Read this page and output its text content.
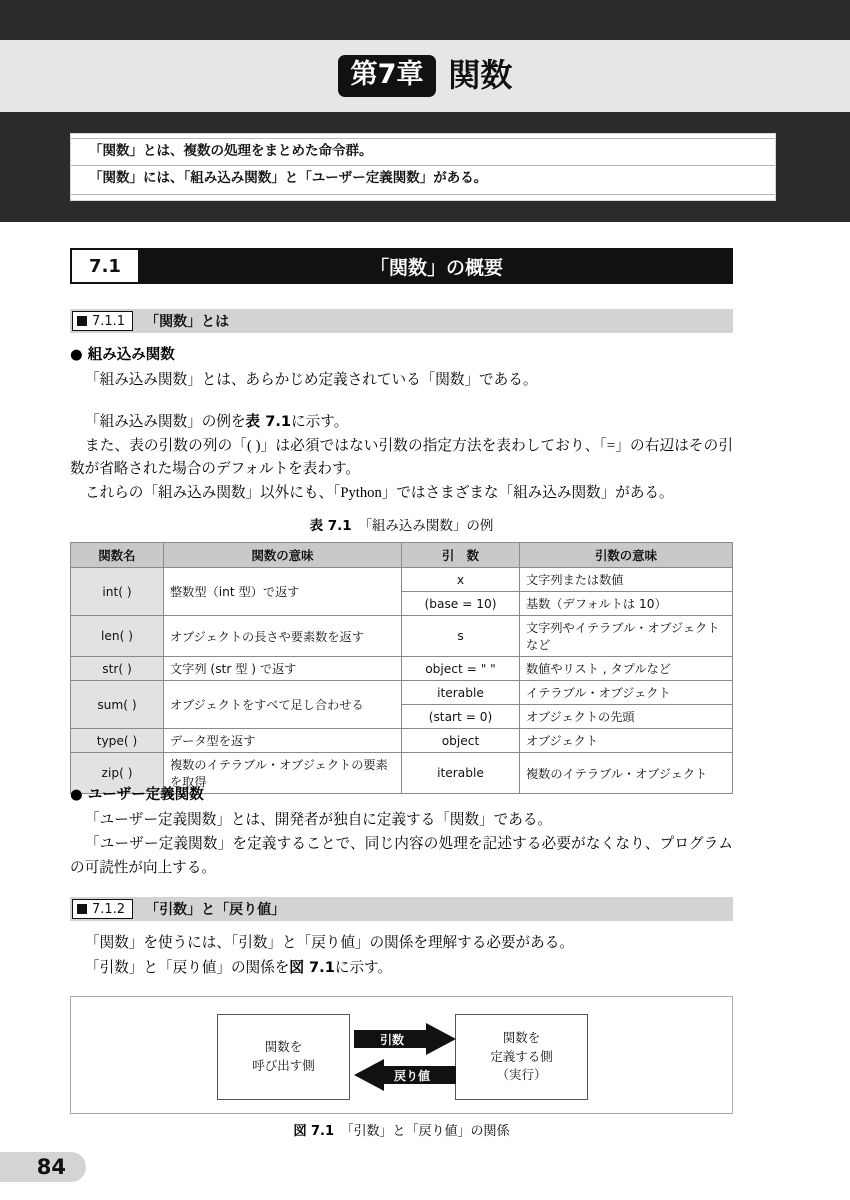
第7章 関数
「関数」とは、複数の処理をまとめた命令群。
「関数」には、「組み込み関数」と「ユーザー定義関数」がある。
7.1	「関数」の概要
7.1.1 「関数」とは

● 組み込み関数

「組み込み関数」とは、あらかじめ定義されている「関数」である。

「組み込み関数」の例を表 7.1に示す。

また、表の引数の列の「( )」は必須ではない引数の指定方法を表わしており、「=」の右辺はその引数が省略された場合のデフォルトを表わす。

これらの「組み込み関数」以外にも、「Python」ではさまざまな「組み込み関数」がある。

表 7.1 「組み込み関数」の例
関数名	関数の意味	引　数	引数の意味
int( )	整数型（int 型）で返す	x	文字列または数値
		(base = 10)	基数（デフォルトは 10）
len( )	オブジェクトの長さや要素数を返す	s	文字列やイテラブル・オブジェクトなど
str( )	文字列 (str 型 ) で返す	object = " "	数値やリスト , タプルなど
sum( )	オブジェクトをすべて足し合わせる	iterable	イテラブル・オブジェクト
		(start = 0)	オブジェクトの先頭
type( )	データ型を返す	object	オブジェクト
zip( )	複数のイテラブル・オブジェクトの要素を取得	iterable	複数のイテラブル・オブジェクト

● ユーザー定義関数

「ユーザー定義関数」とは、開発者が独自に定義する「関数」である。

「ユーザー定義関数」を定義することで、同じ内容の処理を記述する必要がなくなり、プログラムの可読性が向上する。

7.1.2 「引数」と「戻り値」

「関数」を使うには、「引数」と「戻り値」の関係を理解する必要がある。

「引数」と「戻り値」の関係を図 7.1に示す。

関数を
呼び出す側
関数を
定義する側
（実行）
引数
戻り値
図 7.1 「引数」と「戻り値」の関係
84
